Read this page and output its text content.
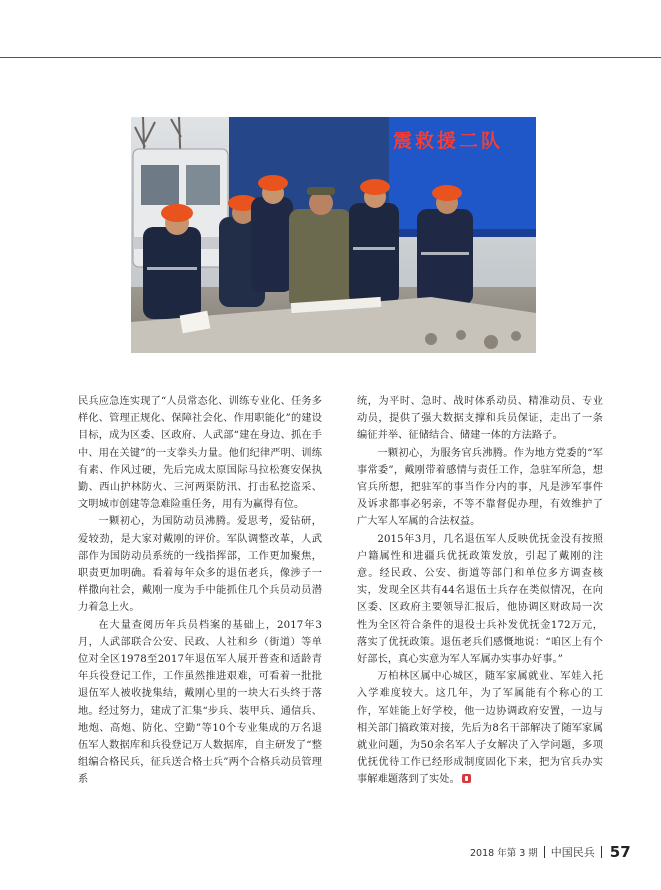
震救援二队

民兵应急连实现了“人员常态化、训练专业化、任务多样化、管理正规化、保障社会化、作用职能化”的建设目标，成为区委、区政府、人武部“建在身边、抓在手中、用在关键”的一支拳头力量。他们纪律严明、训练有素、作风过硬，先后完成太原国际马拉松赛安保执勤、西山护林防火、三河两渠防汛、打击私挖盗采、文明城市创建等急难险重任务，用有为赢得有位。

一颗初心，为国防动员沸腾。爱思考，爱钻研，爱较劲，是大家对戴刚的评价。军队调整改革，人武部作为国防动员系统的一线指挥部，工作更加聚焦，职责更加明确。看着每年众多的退伍老兵，像涉子一样撒向社会，戴刚一度为手中能抓住几个兵员动员潜力着急上火。

在大量查阅历年兵员档案的基础上，2017年3月，人武部联合公安、民政、人社和乡（街道）等单位对全区1978至2017年退伍军人展开普查和适龄青年兵役登记工作，工作虽然推进艰难，可看着一批批退伍军人被收拢集结，戴刚心里的一块大石头终于落地。经过努力，建成了汇集“步兵、装甲兵、通信兵、地炮、高炮、防化、空勤”等10个专业集成的万名退伍军人数据库和兵役登记万人数据库，自主研发了“整组编合格民兵，征兵送合格士兵”两个合格兵动员管理系

统，为平时、急时、战时体系动员、精准动员、专业动员，提供了强大数据支撑和兵员保证，走出了一条编征并举、征储结合、储建一体的方法路子。

一颗初心，为服务官兵沸腾。作为地方党委的“军事常委”，戴刚带着感情与责任工作，急驻军所急，想官兵所想，把驻军的事当作分内的事，凡是涉军事件及诉求都事必躬亲，不等不靠督促办理，有效维护了广大军人军属的合法权益。

2015年3月，几名退伍军人反映优抚金没有按照户籍属性和进疆兵优抚政策发放，引起了戴刚的注意。经民政、公安、街道等部门和单位多方调查核实，发现全区共有44名退伍士兵存在类似情况，在向区委、区政府主要领导汇报后，他协调区财政局一次性为全区符合条件的退役士兵补发优抚金172万元，落实了优抚政策。退伍老兵们感慨地说：“咱区上有个好部长，真心实意为军人军属办实事办好事。”

万柏林区属中心城区，随军家属就业、军娃入托入学难度较大。这几年，为了军属能有个称心的工作，军娃能上好学校，他一边协调政府安置，一边与相关部门搞政策对接，先后为8名干部解决了随军家属就业问题，为50余名军人子女解决了入学问题，多项优抚优待工作已经形成制度固化下来，把为官兵办实事解难题落到了实处。

2018 年第 3 期 中国民兵 57
